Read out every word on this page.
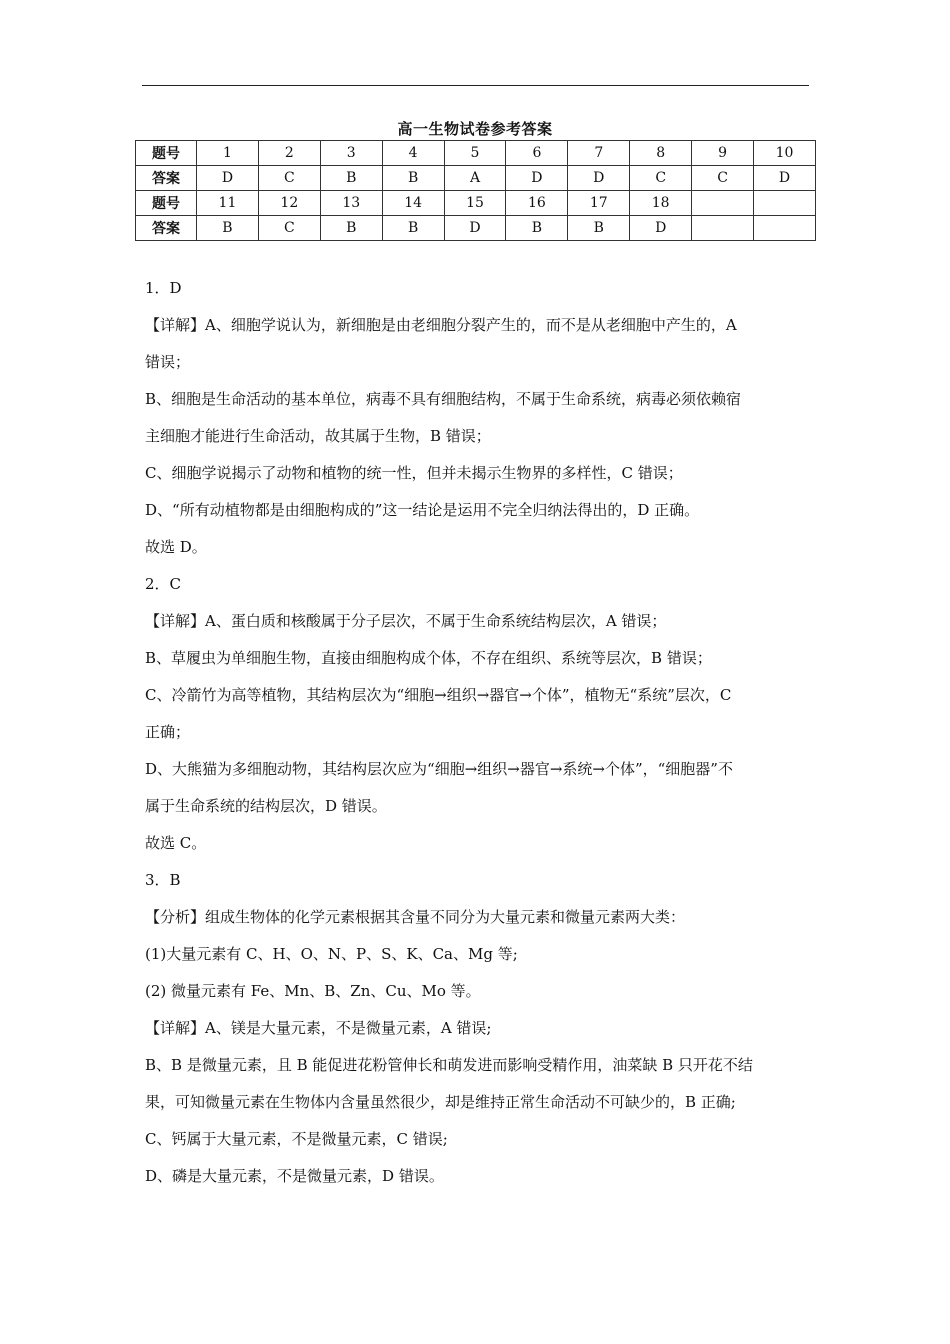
高一生物试卷参考答案
题号	1	2	3	4	5	6	7	8	9	10
答案	D	C	B	B	A	D	D	C	C	D
题号	11	12	13	14	15	16	17	18		
答案	B	C	B	B	D	B	B	D		

1．D

【详解】A、细胞学说认为，新细胞是由老细胞分裂产生的，而不是从老细胞中产生的，A

错误；

B、细胞是生命活动的基本单位，病毒不具有细胞结构，不属于生命系统，病毒必须依赖宿

主细胞才能进行生命活动，故其属于生物，B 错误；

C、细胞学说揭示了动物和植物的统一性，但并未揭示生物界的多样性，C 错误；

D、“所有动植物都是由细胞构成的”这一结论是运用不完全归纳法得出的，D 正确。

故选 D。

2．C

【详解】A、蛋白质和核酸属于分子层次，不属于生命系统结构层次，A 错误；

B、草履虫为单细胞生物，直接由细胞构成个体，不存在组织、系统等层次，B 错误；

C、冷箭竹为高等植物，其结构层次为“细胞→组织→器官→个体”，植物无“系统”层次，C

正确；

D、大熊猫为多细胞动物，其结构层次应为“细胞→组织→器官→系统→个体”，“细胞器”不

属于生命系统的结构层次，D 错误。

故选 C。

3．B

【分析】组成生物体的化学元素根据其含量不同分为大量元素和微量元素两大类：

(1)大量元素有 C、H、O、N、P、S、K、Ca、Mg 等;

(2) 微量元素有 Fe、Mn、B、Zn、Cu、Mo 等。

【详解】A、镁是大量元素，不是微量元素，A 错误;

B、B 是微量元素，且 B 能促进花粉管伸长和萌发进而影响受精作用，油菜缺 B 只开花不结

果，可知微量元素在生物体内含量虽然很少，却是维持正常生命活动不可缺少的，B 正确;

C、钙属于大量元素，不是微量元素，C 错误;

D、磷是大量元素，不是微量元素，D 错误。
